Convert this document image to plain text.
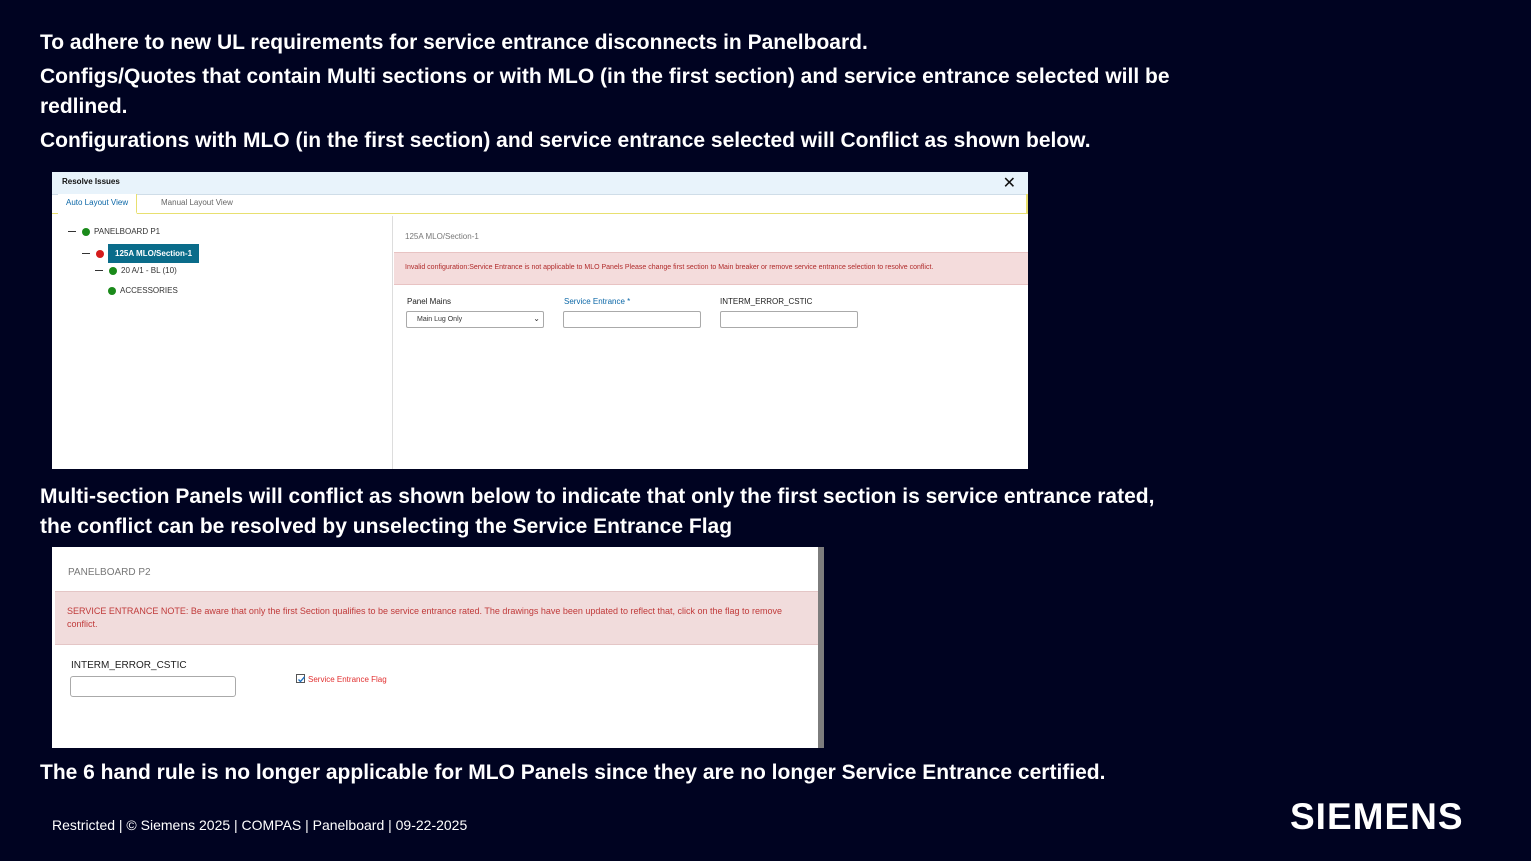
To adhere to new UL requirements for service entrance disconnects in Panelboard.

Configs/Quotes that contain Multi sections or with MLO (in the first section) and service entrance selected will be redlined.

Configurations with MLO (in the first section) and service entrance selected will Conflict as shown below.

Resolve Issues	✕
Auto Layout View	Manual Layout View
PANELBOARD P1
125A MLO/Section-1
20 A/1 - BL (10)
ACCESSORIES
125A MLO/Section-1
Invalid configuration:Service Entrance is not applicable to MLO Panels Please change first section to Main breaker or remove service entrance selection to resolve conflict.
Panel Mains
Main Lug Only	⌄
Service Entrance *	INTERM_ERROR_CSTIC

Multi-section Panels will conflict as shown below to indicate that only the first section is service entrance rated, the conflict can be resolved by unselecting the Service Entrance Flag

PANELBOARD P2
SERVICE ENTRANCE NOTE: Be aware that only the first Section qualifies to be service entrance rated. The drawings have been updated to reflect that, click on the flag to remove conflict.
INTERM_ERROR_CSTIC
Service Entrance Flag

The 6 hand rule is no longer applicable for MLO Panels since they are no longer Service Entrance certified.

Restricted | © Siemens 2025 | COMPAS | Panelboard | 09-22-2025	SIEMENS
